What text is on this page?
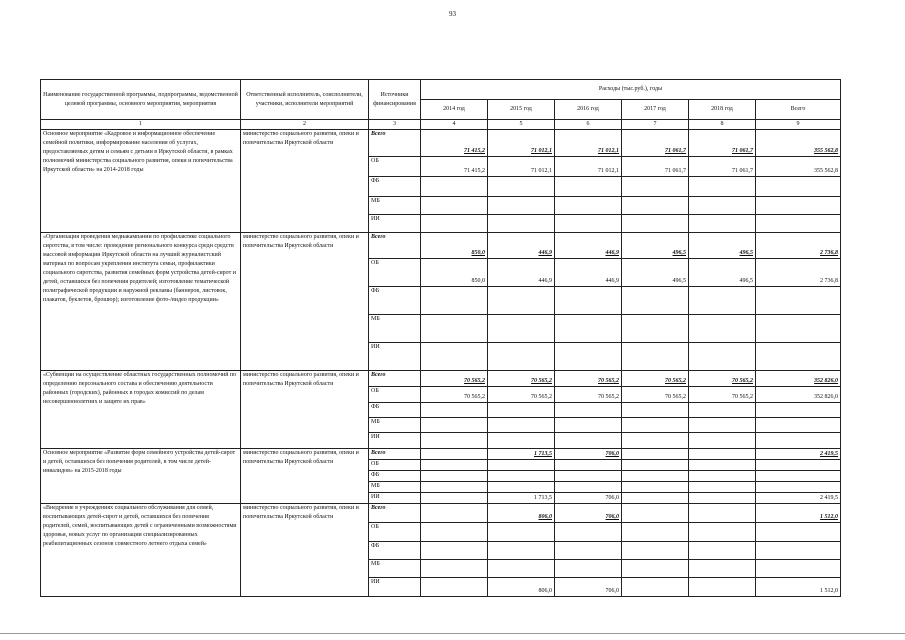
93
Наименование государственной программы, подпрограммы, ведомственной целевой программы, основного мероприятия, мероприятия	Ответственный исполнитель, соисполнители, участники, исполнители мероприятий	Источники финансирования	Расходы (тыс.руб.), годы					
			2014 год	2015 год	2016 год	2017 год	2018 год	Всего
1	2	3	4	5	6	7	8	9
Основное мероприятие «Кадровое и информационное обеспечение семейной политики, информирование населения об услугах, предоставляемых детям и семьям с детьми в Иркутской области, в рамках полномочий министерства социального развития, опеки и попечительства Иркутской области» на 2014-2018 годы	министерство социального развития, опеки и попечительства Иркутской области	Всего	71 415,2	71 012,1	71 012,1	71 061,7	71 061,7	355 562,8
		ОБ	71 415,2	71 012,1	71 012,1	71 061,7	71 061,7	355 562,8
		ФБ						
		МБ						
		ИИ						
«Организация проведения медиакампании по профилактике социального сиротства, в том числе: проведение регионального конкурса среди средств массовой информации Иркутской области на лучший журналистский материал по вопросам укрепления института семьи, профилактики социального сиротства, развития семейных форм устройства детей-сирот и детей, оставшихся без попечения родителей; изготовление тематической полиграфической продукции и наружной рекламы (баннеров, листовок, плакатов, буклетов, брошюр); изготовление фото-/видео продукции»	министерство социального развития, опеки и попечительства Иркутской области	Всего	850,0	446,9	446,9	496,5	496,5	2 736,8
		ОБ	850,0	446,9	446,9	496,5	496,5	2 736,8
		ФБ						
		МБ						
		ИИ						
«Субвенции на осуществление областных государственных полномочий по определению персонального состава и обеспечению деятельности районных (городских), районных в городах комиссий по делам несовершеннолетних и защите их прав»	министерство социального развития, опеки и попечительства Иркутской области	Всего	70 565,2	70 565,2	70 565,2	70 565,2	70 565,2	352 826,0
		ОБ	70 565,2	70 565,2	70 565,2	70 565,2	70 565,2	352 826,0
		ФБ						
		МБ						
		ИИ						
Основное мероприятие «Развитие форм семейного устройства детей-сирот и детей, оставшихся без попечения родителей, в том числе детей-инвалидов» на 2015-2018 годы	министерство социального развития, опеки и попечительства Иркутской области	Всего		1 713,5	706,0			2 419,5
		ОБ						
		ФБ						
		МБ						
		ИИ		1 713,5	706,0			2 419,5
«Внедрение в учреждениях социального обслуживания для семей, воспитывающих детей-сирот и детей, оставшихся без попечения родителей, семей, воспитывающих детей с ограниченными возможностями здоровья, новых услуг по организации специализированных реабилитационных сезонов совместного летнего отдыха семей»	министерство социального развития, опеки и попечительства Иркутской области	Всего		806,0	706,0			1 512,0
		ОБ						
		ФБ						
		МБ						
		ИИ		806,0	706,0			1 512,0
